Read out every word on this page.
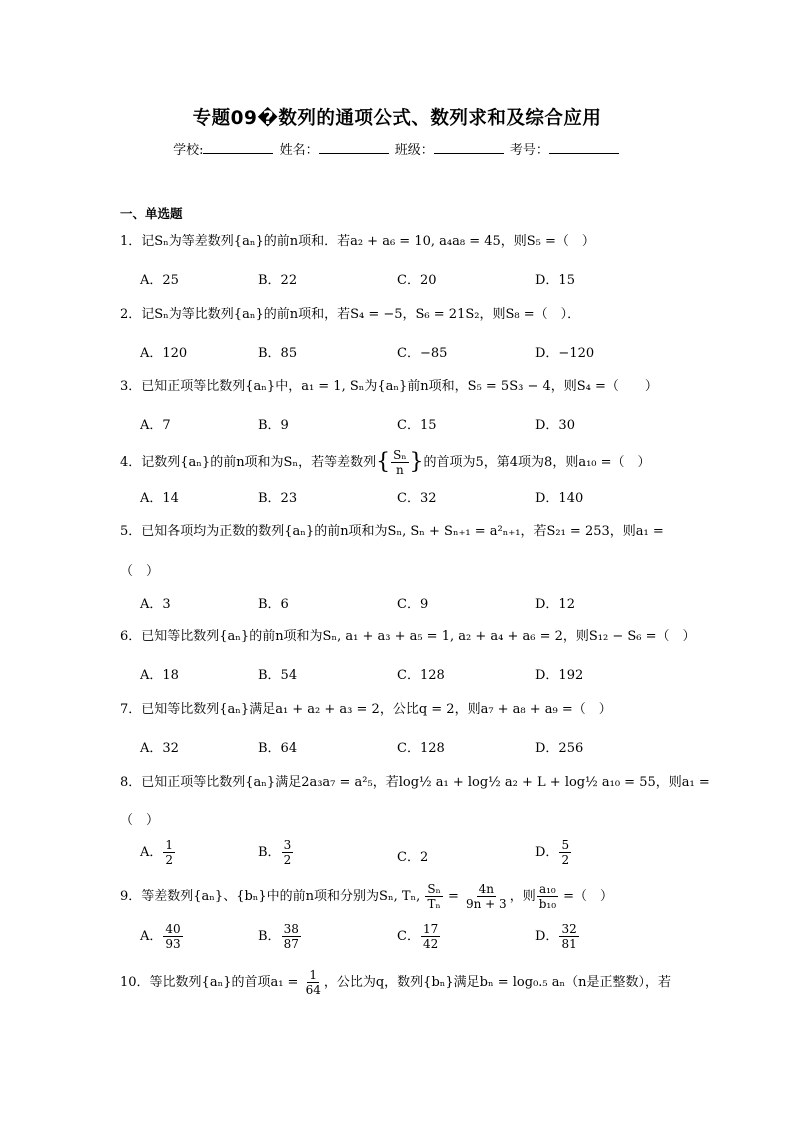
专题09�数列的通项公式、数列求和及综合应用
学校:	姓名：	班级：	考号：
一、单选题
1．记Sₙ为等差数列{aₙ}的前n项和．若a₂ + a₆ = 10, a₄a₈ = 45，则S₅ =（　）
A．25	B．22	C．20	D．15
2．记Sₙ为等比数列{aₙ}的前n项和，若S₄ = −5，S₆ = 21S₂，则S₈ =（　）．
A．120	B．85	C．−85	D．−120
3．已知正项等比数列{aₙ}中，a₁ = 1, Sₙ为{aₙ}前n项和，S₅ = 5S₃ − 4，则S₄ =（　　）
A．7	B．9	C．15	D．30
4．记数列{aₙ}的前n项和为Sₙ，若等差数列{ $\frac{\text{Sₙ}}{n}$ }的首项为5，第4项为8，则a₁₀ =（　）
A．14	B．23	C．32	D．140
5．已知各项均为正数的数列{aₙ}的前n项和为Sₙ, Sₙ + Sₙ₊₁ = a²ₙ₊₁，若S₂₁ = 253，则a₁ =
（　）
A．3	B．6	C．9	D．12
6．已知等比数列{aₙ}的前n项和为Sₙ, a₁ + a₃ + a₅ = 1, a₂ + a₄ + a₆ = 2，则S₁₂ − S₆ =（　）
A．18	B．54	C．128	D．192
7．已知等比数列{aₙ}满足a₁ + a₂ + a₃ = 2，公比q = 2，则a₇ + a₈ + a₉ =（　）
A．32	B．64	C．128	D．256
8．已知正项等比数列{aₙ}满足2a₃a₇ = a²₅，若log½ a₁ + log½ a₂ + L + log½ a₁₀ = 55，则a₁ =
（　）
A． $\frac{1}{2}$	B． $\frac{3}{2}$	C．2	D． $\frac{5}{2}$
9．等差数列{aₙ}、{bₙ}中的前n项和分别为Sₙ, Tₙ, $\frac{\text{Sₙ}}{\text{Tₙ}} = \frac{4n}{9n + 3}$ ，则 $\frac{\text{a₁₀}}{\text{b₁₀}}$ =（　）
A． $\frac{40}{93}$	B． $\frac{38}{87}$	C． $\frac{17}{42}$	D． $\frac{32}{81}$
10．等比数列{aₙ}的首项$a_1 = \frac{1}{64}$ ，公比为q，数列{bₙ}满足bₙ = log₀.₅ aₙ（n是正整数），若
